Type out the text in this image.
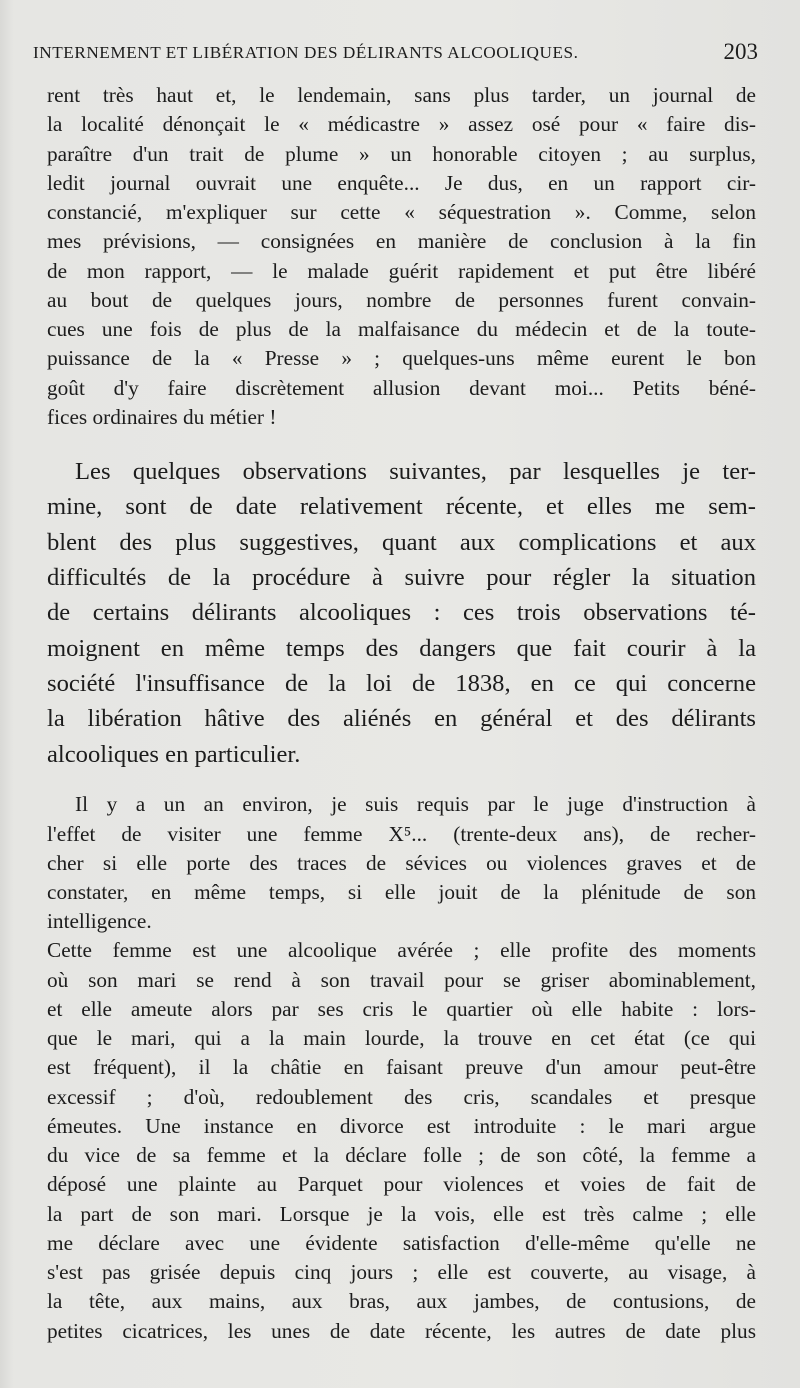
INTERNEMENT ET LIBÉRATION DES DÉLIRANTS ALCOOLIQUES.	203
rent très haut et, le lendemain, sans plus tarder, un journal de
la localité dénonçait le « médicastre » assez osé pour « faire dis-
paraître d'un trait de plume » un honorable citoyen ; au surplus,
ledit journal ouvrait une enquête... Je dus, en un rapport cir-
constancié, m'expliquer sur cette « séquestration ». Comme, selon
mes prévisions, — consignées en manière de conclusion à la fin
de mon rapport, — le malade guérit rapidement et put être libéré
au bout de quelques jours, nombre de personnes furent convain-
cues une fois de plus de la malfaisance du médecin et de la toute-
puissance de la « Presse » ; quelques-uns même eurent le bon
goût d'y faire discrètement allusion devant moi... Petits béné-
fices ordinaires du métier !
Les quelques observations suivantes, par lesquelles je ter-
mine, sont de date relativement récente, et elles me sem-
blent des plus suggestives, quant aux complications et aux
difficultés de la procédure à suivre pour régler la situation
de certains délirants alcooliques : ces trois observations té-
moignent en même temps des dangers que fait courir à la
société l'insuffisance de la loi de 1838, en ce qui concerne
la libération hâtive des aliénés en général et des délirants
alcooliques en particulier.
Il y a un an environ, je suis requis par le juge d'instruction à
l'effet de visiter une femme X⁵... (trente-deux ans), de recher-
cher si elle porte des traces de sévices ou violences graves et de
constater, en même temps, si elle jouit de la plénitude de son
intelligence.
Cette femme est une alcoolique avérée ; elle profite des moments
où son mari se rend à son travail pour se griser abominablement,
et elle ameute alors par ses cris le quartier où elle habite : lors-
que le mari, qui a la main lourde, la trouve en cet état (ce qui
est fréquent), il la châtie en faisant preuve d'un amour peut-être
excessif ; d'où, redoublement des cris, scandales et presque
émeutes. Une instance en divorce est introduite : le mari argue
du vice de sa femme et la déclare folle ; de son côté, la femme a
déposé une plainte au Parquet pour violences et voies de fait de
la part de son mari. Lorsque je la vois, elle est très calme ; elle
me déclare avec une évidente satisfaction d'elle-même qu'elle ne
s'est pas grisée depuis cinq jours ; elle est couverte, au visage, à
la tête, aux mains, aux bras, aux jambes, de contusions, de
petites cicatrices, les unes de date récente, les autres de date plus
